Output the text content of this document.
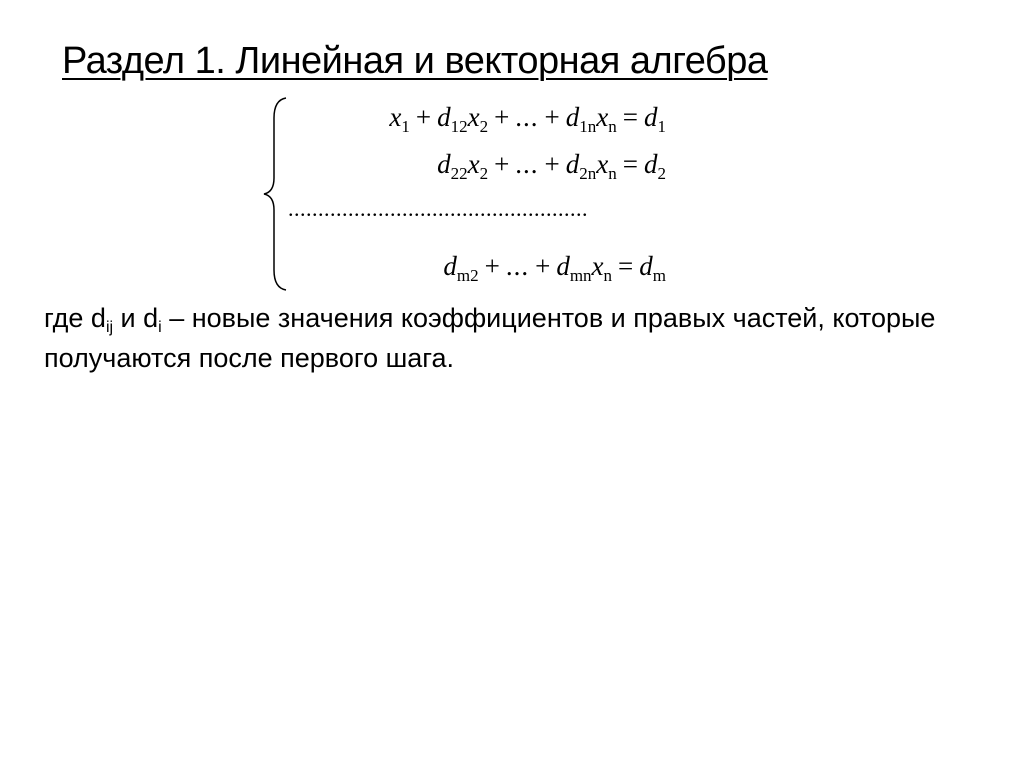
Раздел 1. Линейная и векторная алгебра
$x_1 + d_{12}x_2$ + ... + $d_{1n}x_n = d_1$
$d_{22}x_2$ + ... + $d_{2n}x_n = d_2$
..................................................
$d_{m2}$ + ... + $d_{mn}x_n = d_m$

где $d_{ij}$ и $d_i$ – новые значения коэффициентов и правых частей, которые получаются после первого шага.
